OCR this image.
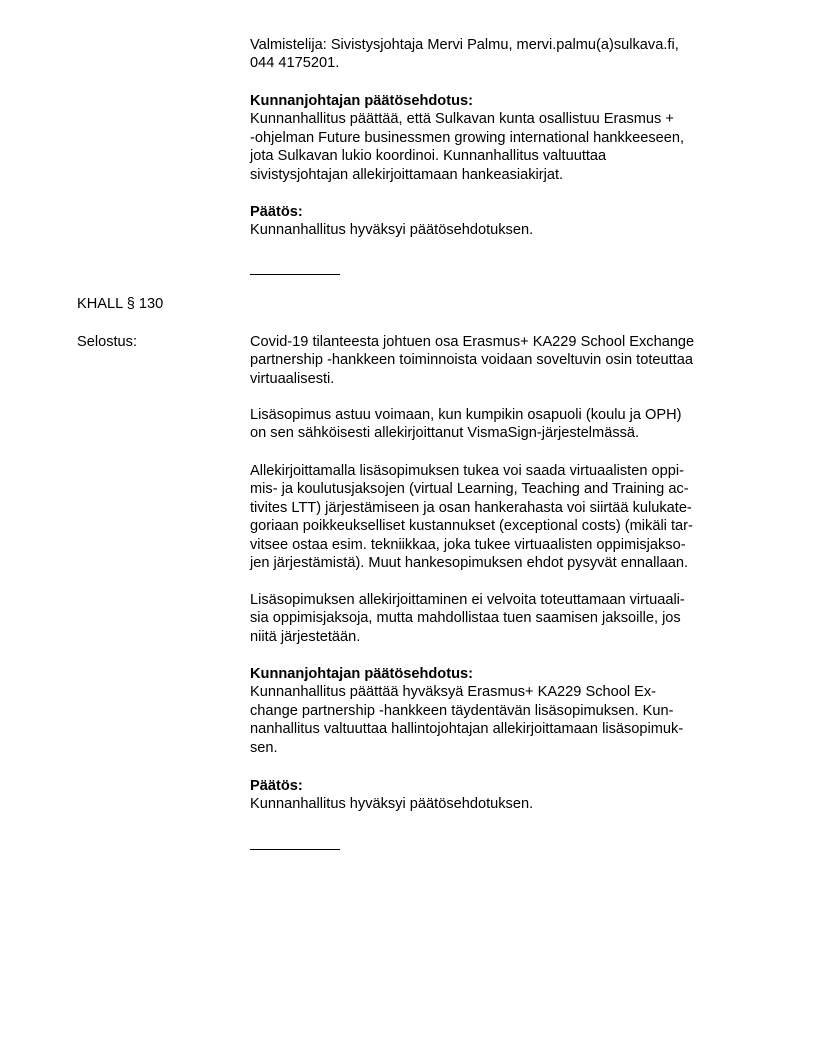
Valmistelija: Sivistysjohtaja Mervi Palmu, mervi.palmu(a)sulkava.fi,
044 4175201.
Kunnanjohtajan päätösehdotus:
Kunnanhallitus päättää, että Sulkavan kunta osallistuu Erasmus +
-ohjelman Future businessmen growing international hankkeeseen,
jota Sulkavan lukio koordinoi. Kunnanhallitus valtuuttaa
sivistysjohtajan allekirjoittamaan hankeasiakirjat.
Päätös:
Kunnanhallitus hyväksyi päätösehdotuksen.
KHALL § 130
Selostus:	Covid-19 tilanteesta johtuen osa Erasmus+ KA229 School Exchange
partnership -hankkeen toiminnoista voidaan soveltuvin osin toteuttaa
virtuaalisesti.
Lisäsopimus astuu voimaan, kun kumpikin osapuoli (koulu ja OPH)
on sen sähköisesti allekirjoittanut VismaSign-järjestelmässä.
Allekirjoittamalla lisäsopimuksen tukea voi saada virtuaalisten oppi-
mis- ja koulutusjaksojen (virtual Learning, Teaching and Training ac-
tivites LTT) järjestämiseen ja osan hankerahasta voi siirtää kulukate-
goriaan poikkeukselliset kustannukset (exceptional costs) (mikäli tar-
vitsee ostaa esim. tekniikkaa, joka tukee virtuaalisten oppimisjakso-
jen järjestämistä). Muut hankesopimuksen ehdot pysyvät ennallaan.
Lisäsopimuksen allekirjoittaminen ei velvoita toteuttamaan virtuaali-
sia oppimisjaksoja, mutta mahdollistaa tuen saamisen jaksoille, jos
niitä järjestetään.
Kunnanjohtajan päätösehdotus:
Kunnanhallitus päättää hyväksyä Erasmus+ KA229 School Ex-
change partnership -hankkeen täydentävän lisäsopimuksen. Kun-
nanhallitus valtuuttaa hallintojohtajan allekirjoittamaan lisäsopimuk-
sen.
Päätös:
Kunnanhallitus hyväksyi päätösehdotuksen.
